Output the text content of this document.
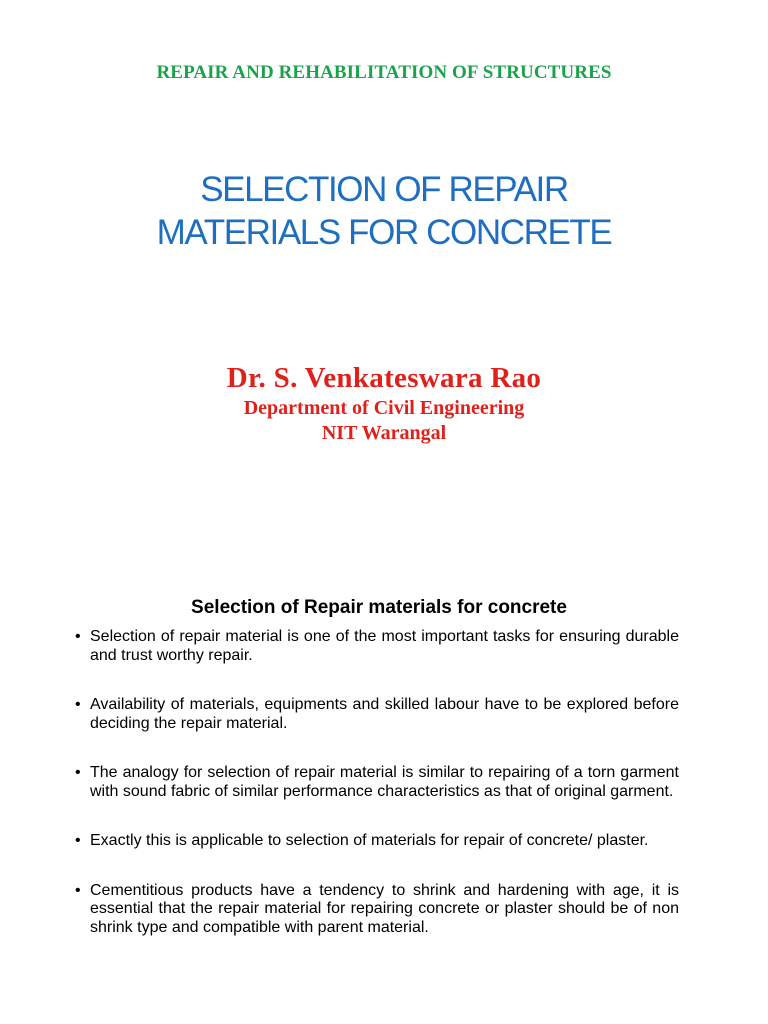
REPAIR AND REHABILITATION OF STRUCTURES
SELECTION OF REPAIR
MATERIALS FOR CONCRETE
Dr. S. Venkateswara Rao
Department of Civil Engineering
NIT Warangal
Selection of Repair materials for concrete
• Selection of repair material is one of the most important tasks for ensuring durable and trust worthy repair.
• Availability of materials, equipments and skilled labour have to be explored before deciding the repair material.
• The analogy for selection of repair material is similar to repairing of a torn garment with sound fabric of similar performance characteristics as that of original garment.
• Exactly this is applicable to selection of materials for repair of concrete/ plaster.
• Cementitious products have a tendency to shrink and hardening with age, it is essential that the repair material for repairing concrete or plaster should be of non shrink type and compatible with parent material.
